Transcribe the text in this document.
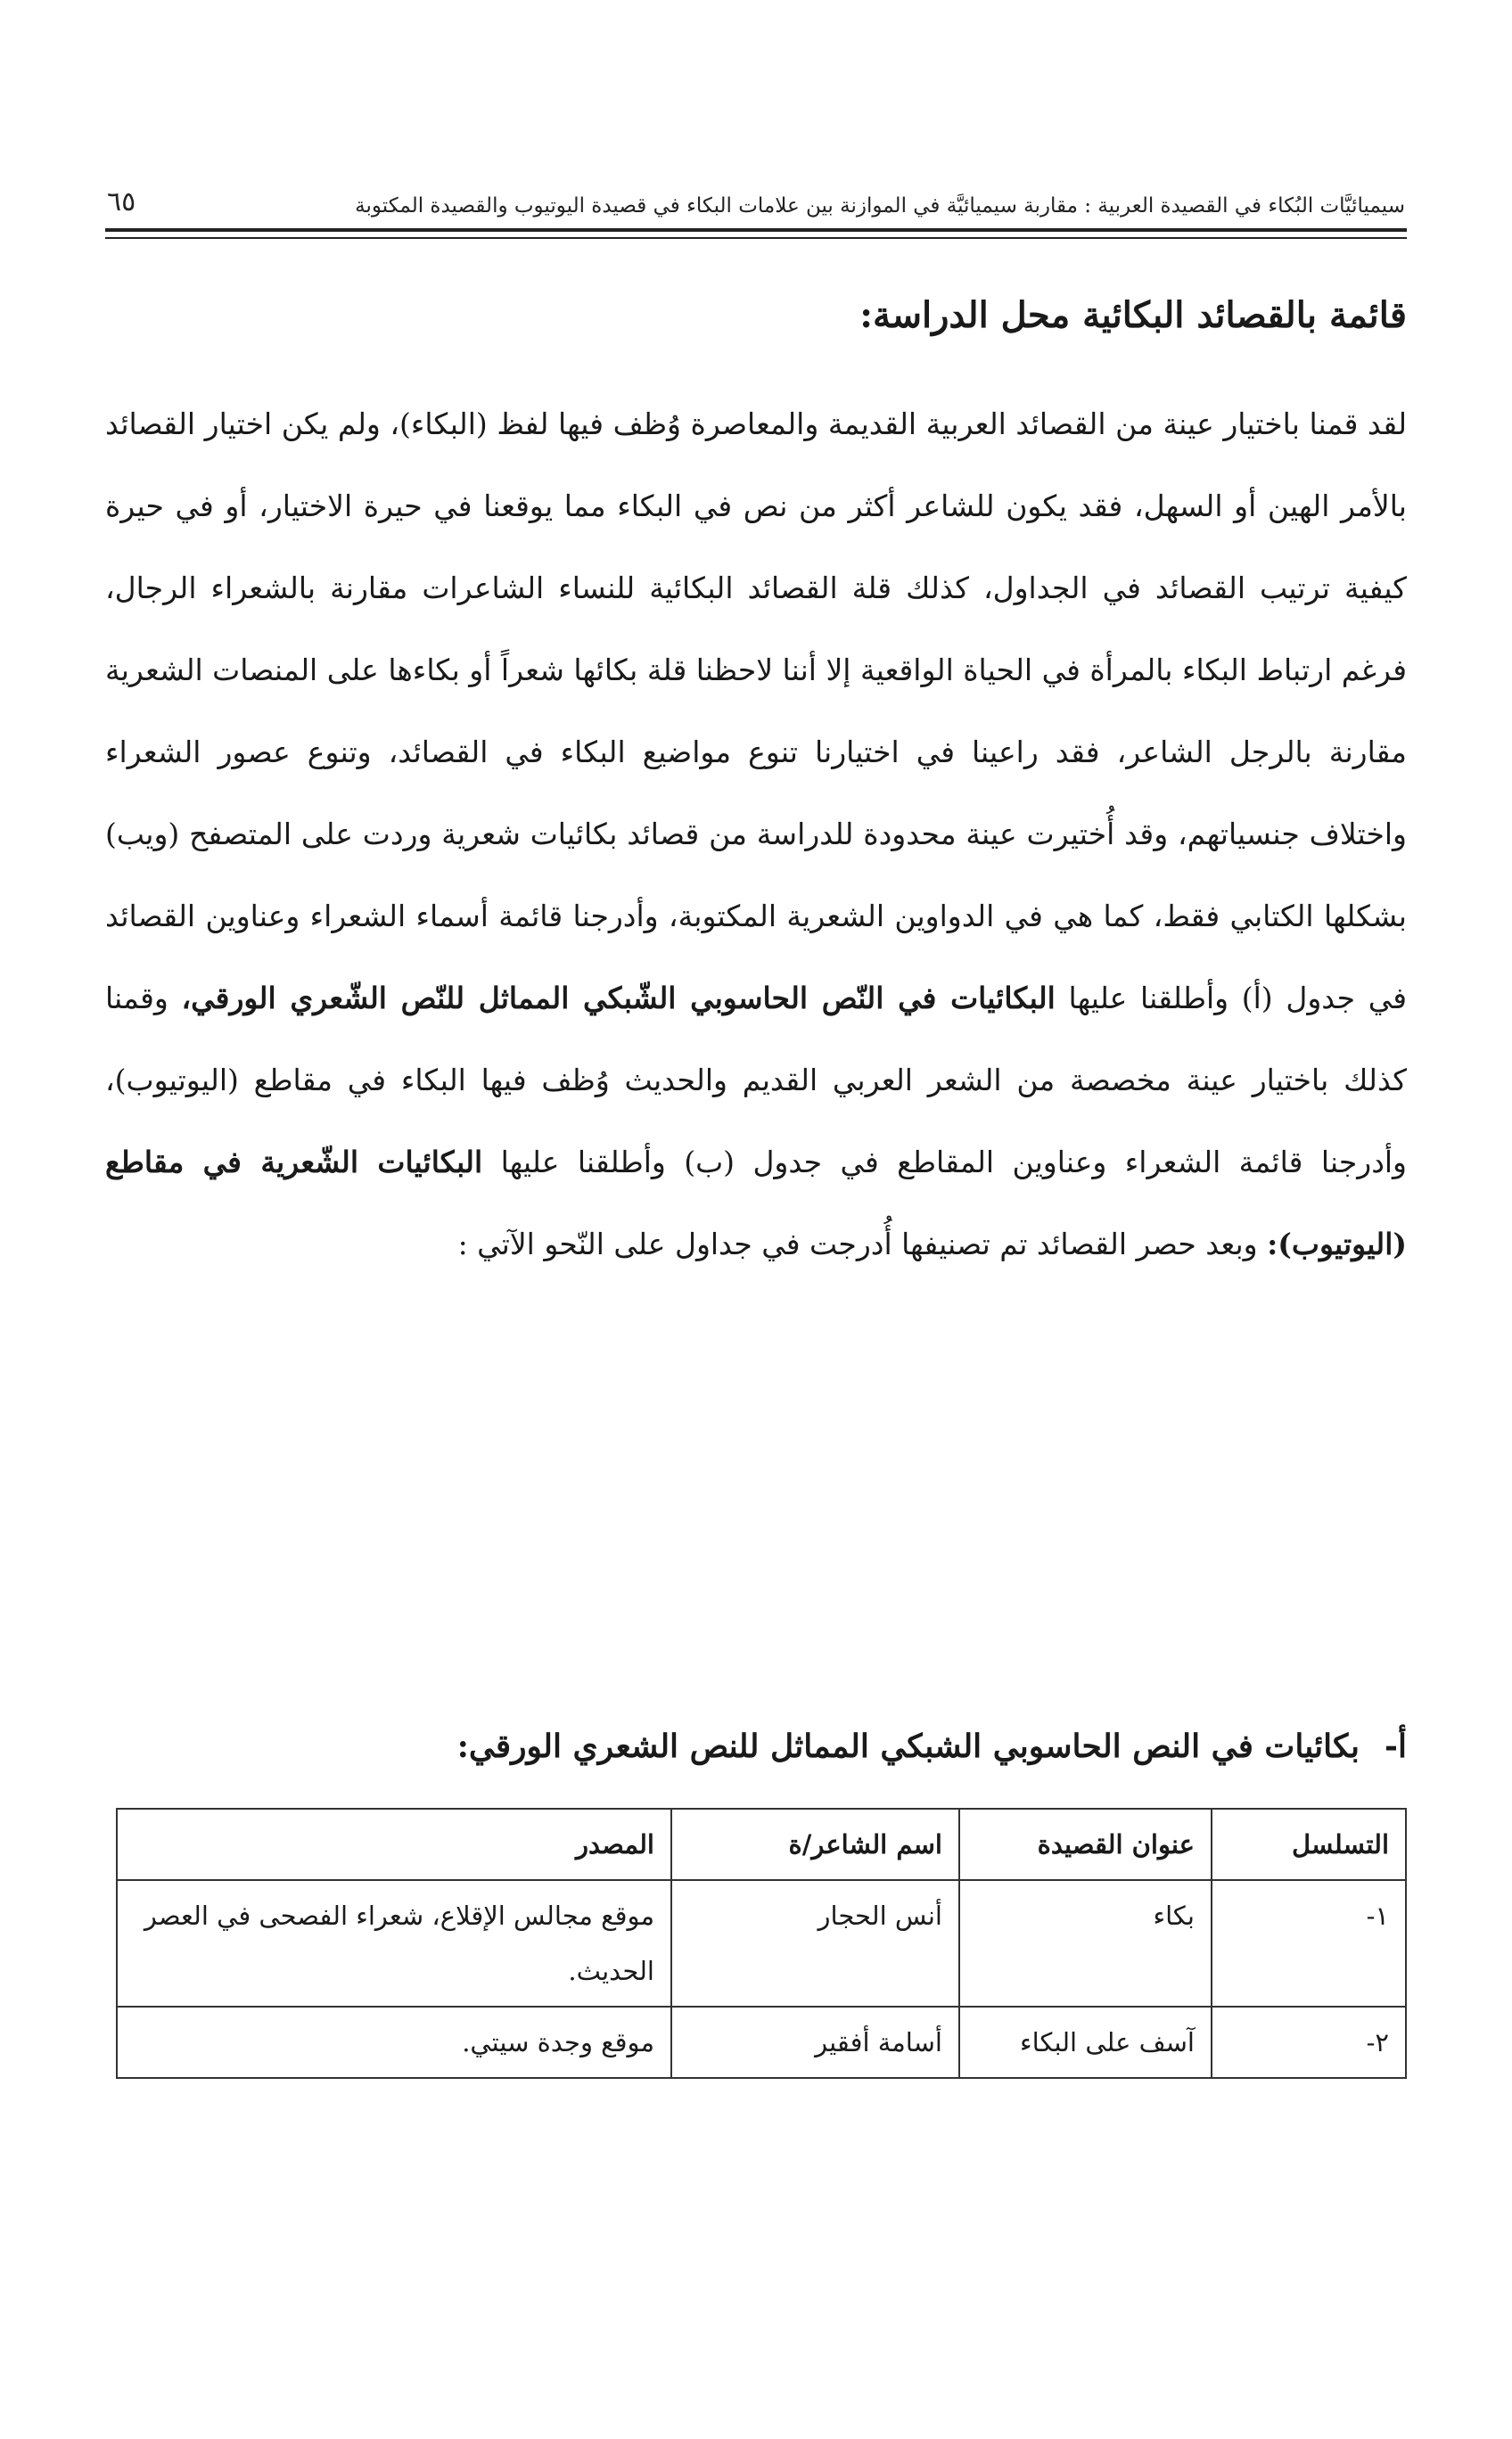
سيميائيَّات البُكاء في القصيدة العربية : مقاربة سيميائيَّة في الموازنة بين علامات البكاء في قصيدة اليوتيوب والقصيدة المكتوبة
٦٥
قائمة بالقصائد البكائية محل الدراسة:

لقد قمنا باختيار عينة من القصائد العربية القديمة والمعاصرة وُظف فيها لفظ (البكاء)، ولم يكن اختيار القصائد بالأمر الهين أو السهل، فقد يكون للشاعر أكثر من نص في البكاء مما يوقعنا في حيرة الاختيار، أو في حيرة كيفية ترتيب القصائد في الجداول، كذلك قلة القصائد البكائية للنساء الشاعرات مقارنة بالشعراء الرجال، فرغم ارتباط البكاء بالمرأة في الحياة الواقعية إلا أننا لاحظنا قلة بكائها شعراً أو بكاءها على المنصات الشعرية مقارنة بالرجل الشاعر، فقد راعينا في اختيارنا تنوع مواضيع البكاء في القصائد، وتنوع عصور الشعراء واختلاف جنسياتهم، وقد أُختيرت عينة محدودة للدراسة من قصائد بكائيات شعرية وردت على المتصفح (ويب) بشكلها الكتابي فقط، كما هي في الدواوين الشعرية المكتوبة، وأدرجنا قائمة أسماء الشعراء وعناوين القصائد في جدول (أ) وأطلقنا عليها البكائيات في النّص الحاسوبي الشّبكي المماثل للنّص الشّعري الورقي، وقمنا كذلك باختيار عينة مخصصة من الشعر العربي القديم والحديث وُظف فيها البكاء في مقاطع (اليوتيوب)، وأدرجنا قائمة الشعراء وعناوين المقاطع في جدول (ب) وأطلقنا عليها البكائيات الشّعرية في مقاطع (اليوتيوب): وبعد حصر القصائد تم تصنيفها أُدرجت في جداول على النّحو الآتي :

أ-بكائيات في النص الحاسوبي الشبكي المماثل للنص الشعري الورقي:
التسلسل	عنوان القصيدة	اسم الشاعر/ة	المصدر
١-	بكاء	أنس الحجار	موقع مجالس الإقلاع، شعراء الفصحى في العصر الحديث.
٢-	آسف على البكاء	أسامة أفقير	موقع وجدة سيتي.
